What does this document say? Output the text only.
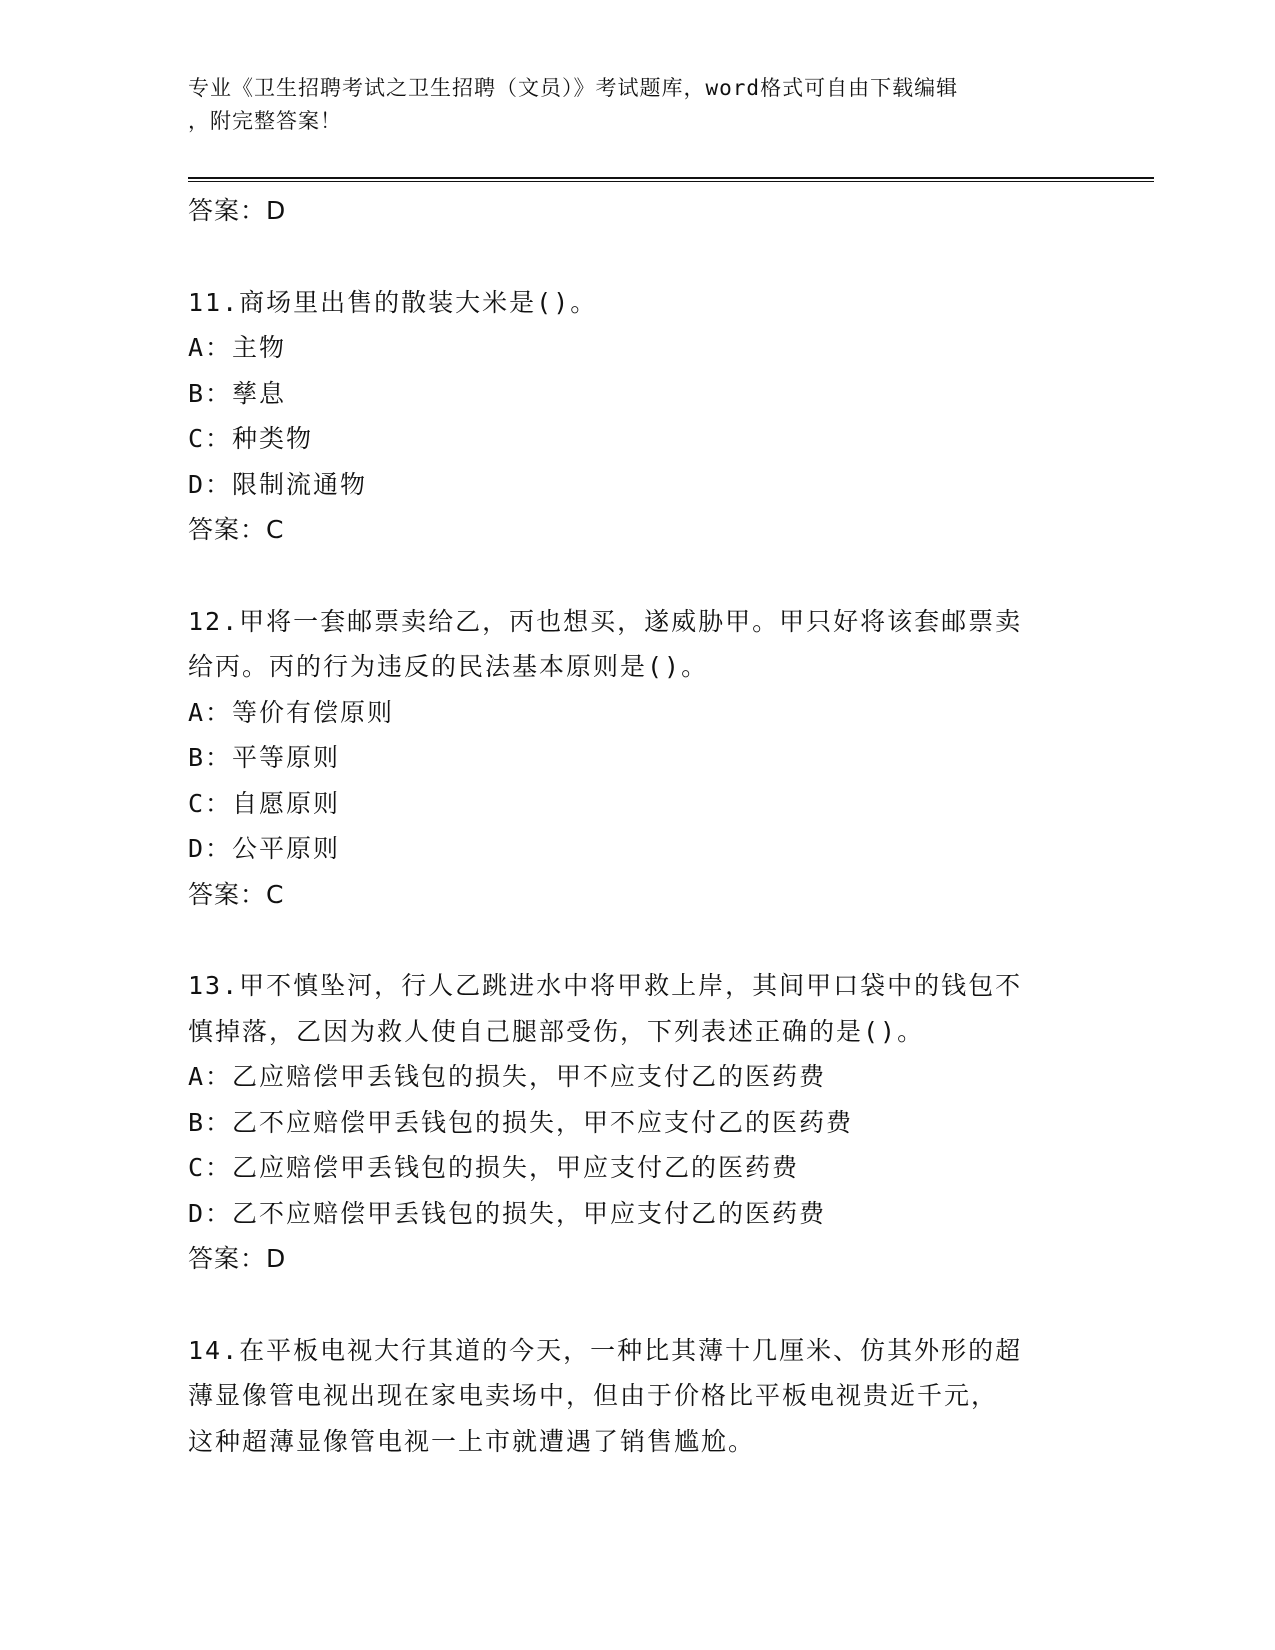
专业《卫生招聘考试之卫生招聘（文员）》考试题库，word格式可自由下载编辑
，附完整答案！
答案：D
11.商场里出售的散装大米是()。
A：主物
B：孳息
C：种类物
D：限制流通物
答案：C
12.甲将一套邮票卖给乙，丙也想买，遂威胁甲。甲只好将该套邮票卖
给丙。丙的行为违反的民法基本原则是()。
A：等价有偿原则
B：平等原则
C：自愿原则
D：公平原则
答案：C
13.甲不慎坠河，行人乙跳进水中将甲救上岸，其间甲口袋中的钱包不
慎掉落，乙因为救人使自己腿部受伤，下列表述正确的是()。
A：乙应赔偿甲丢钱包的损失，甲不应支付乙的医药费
B：乙不应赔偿甲丢钱包的损失，甲不应支付乙的医药费
C：乙应赔偿甲丢钱包的损失，甲应支付乙的医药费
D：乙不应赔偿甲丢钱包的损失，甲应支付乙的医药费
答案：D
14.在平板电视大行其道的今天，一种比其薄十几厘米、仿其外形的超
薄显像管电视出现在家电卖场中，但由于价格比平板电视贵近千元，
这种超薄显像管电视一上市就遭遇了销售尴尬。
